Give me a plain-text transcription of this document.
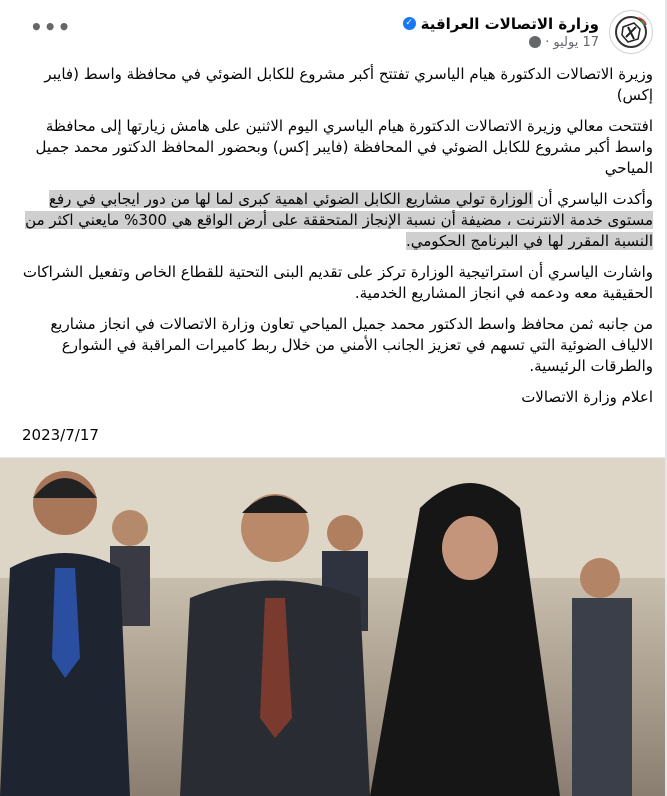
وزارة الاتصالات العراقية
✓
17 يوليو
·
•••

وزيرة الاتصالات الدكتورة هيام الياسري تفتتح أكبر مشروع للكابل الضوئي في محافظة واسط (فايبر إكس)

افتتحت معالي وزيرة الاتصالات الدكتورة هيام الياسري اليوم الاثنين على هامش زيارتها إلى محافظة واسط أكبر مشروع للكابل الضوئي في المحافظة (فايبر إكس) وبحضور المحافظ الدكتور محمد جميل المياحي

وأكدت الياسري أن الوزارة تولي مشاريع الكابل الضوئي اهمية كبرى لما لها من دور ايجابي في رفع مستوى خدمة الانترنت ، مضيفة أن نسبة الإنجاز المتحققة على أرض الواقع هي 300% مايعني اكثر من النسبة المقرر لها في البرنامج الحكومي.

واشارت الياسري أن استراتيجية الوزارة تركز على تقديم البنى التحتية للقطاع الخاص وتفعيل الشراكات الحقيقية معه ودعمه في انجاز المشاريع الخدمية.

من جانبه ثمن محافظ واسط الدكتور محمد جميل المياحي تعاون وزارة الاتصالات في انجاز مشاريع الالياف الضوئية التي تسهم في تعزيز الجانب الأمني من خلال ربط كاميرات المراقبة في الشوارع والطرقات الرئيسية.

اعلام وزارة الاتصالات

2023/7/17
